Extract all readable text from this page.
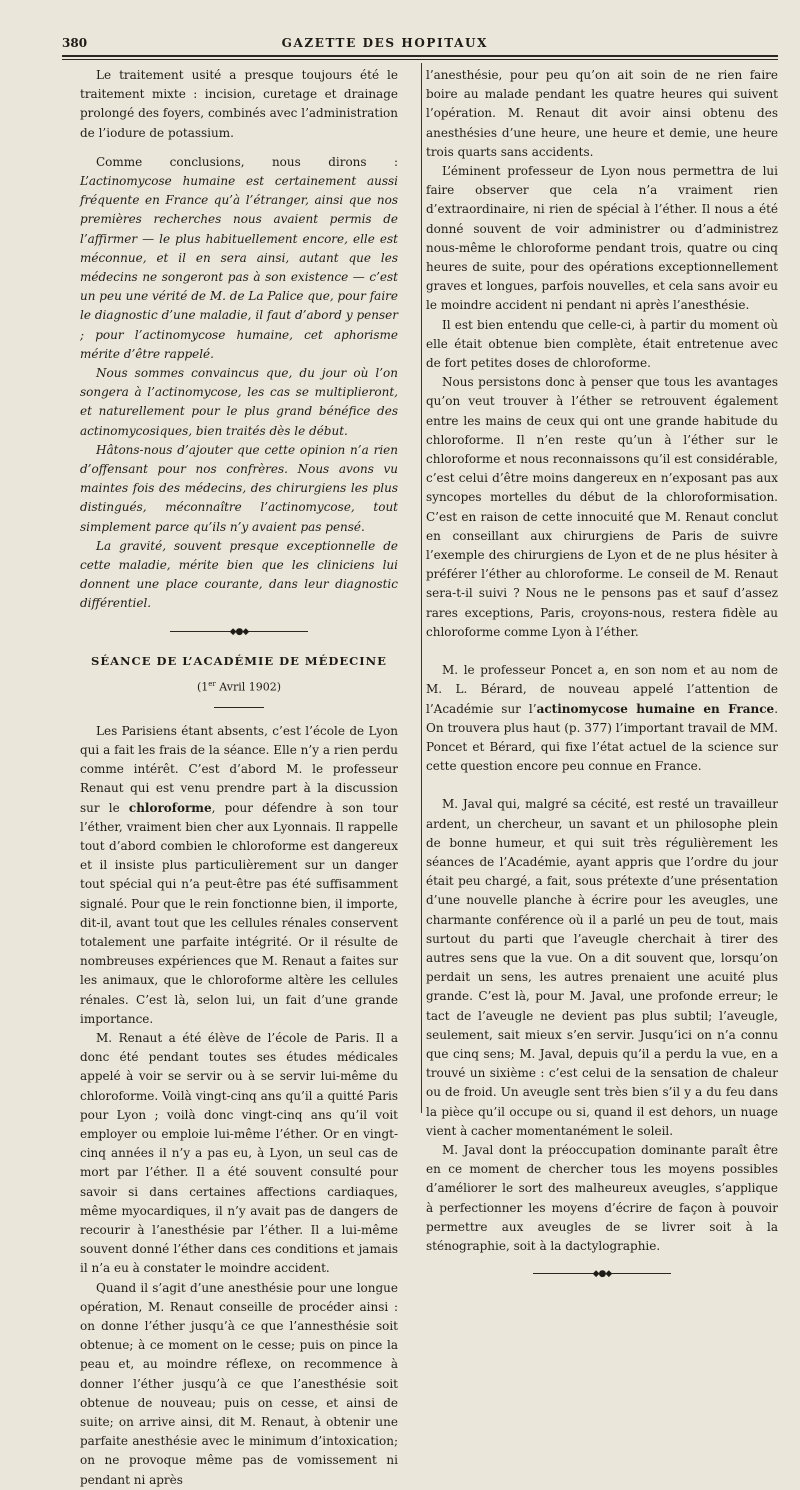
380	GAZETTE DES HOPITAUX

Le traitement usité a presque toujours été le traitement mixte : incision, curetage et drainage prolongé des foyers, combinés avec l’administration de l’iodure de potassium.

Comme conclusions, nous dirons : L’actinomycose humaine est certainement aussi fréquente en France qu’à l’étranger, ainsi que nos premières recherches nous avaient permis de l’affirmer — le plus habituellement encore, elle est méconnue, et il en sera ainsi, autant que les médecins ne songeront pas à son existence — c’est un peu une vérité de M. de La Palice que, pour faire le diagnostic d’une maladie, il faut d’abord y penser ; pour l’actinomycose humaine, cet aphorisme mérite d’être rappelé.

Nous sommes convaincus que, du jour où l’on songera à l’actinomycose, les cas se multiplieront, et naturellement pour le plus grand bénéfice des actinomycosiques, bien traités dès le début.

Hâtons-nous d’ajouter que cette opinion n’a rien d’offensant pour nos confrères. Nous avons vu maintes fois des médecins, des chirurgiens les plus distingués, méconnaître l’actinomycose, tout simplement parce qu’ils n’y avaient pas pensé.

La gravité, souvent presque exceptionnelle de cette maladie, mérite bien que les cliniciens lui donnent une place courante, dans leur diagnostic différentiel.

◆●◆
SÉANCE DE L’ACADÉMIE DE MÉDECINE
(1er Avril 1902)

Les Parisiens étant absents, c’est l’école de Lyon qui a fait les frais de la séance. Elle n’y a rien perdu comme intérêt. C’est d’abord M. le professeur Renaut qui est venu prendre part à la discussion sur le chloroforme, pour défendre à son tour l’éther, vraiment bien cher aux Lyonnais. Il rappelle tout d’abord combien le chloroforme est dangereux et il insiste plus particulièrement sur un danger tout spécial qui n’a peut-être pas été suffisamment signalé. Pour que le rein fonctionne bien, il importe, dit-il, avant tout que les cellules rénales conservent totalement une parfaite intégrité. Or il résulte de nombreuses expériences que M. Renaut a faites sur les animaux, que le chloroforme altère les cellules rénales. C’est là, selon lui, un fait d’une grande importance.

M. Renaut a été élève de l’école de Paris. Il a donc été pendant toutes ses études médicales appelé à voir se servir ou à se servir lui-même du chloroforme. Voilà vingt-cinq ans qu’il a quitté Paris pour Lyon ; voilà donc vingt-cinq ans qu’il voit employer ou emploie lui-même l’éther. Or en vingt-cinq années il n’y a pas eu, à Lyon, un seul cas de mort par l’éther. Il a été souvent consulté pour savoir si dans certaines affections cardiaques, même myocardiques, il n’y avait pas de dangers de recourir à l’anesthésie par l’éther. Il a lui-même souvent donné l’éther dans ces conditions et jamais il n’a eu à constater le moindre accident.

Quand il s’agit d’une anesthésie pour une longue opération, M. Renaut conseille de procéder ainsi : on donne l’éther jusqu’à ce que l’annesthésie soit obtenue; à ce moment on le cesse; puis on pince la peau et, au moindre réflexe, on recommence à donner l’éther jusqu’à ce que l’anesthésie soit obtenue de nouveau; puis on cesse, et ainsi de suite; on arrive ainsi, dit M. Renaut, à obtenir une parfaite anesthésie avec le minimum d’intoxication; on ne provoque même pas de vomissement ni pendant ni après

l’anesthésie, pour peu qu’on ait soin de ne rien faire boire au malade pendant les quatre heures qui suivent l’opération. M. Renaut dit avoir ainsi obtenu des anesthésies d’une heure, une heure et demie, une heure trois quarts sans accidents.

L’éminent professeur de Lyon nous permettra de lui faire observer que cela n’a vraiment rien d’extraordinaire, ni rien de spécial à l’éther. Il nous a été donné souvent de voir administrer ou d’administrez nous-même le chloroforme pendant trois, quatre ou cinq heures de suite, pour des opérations exceptionnellement graves et longues, parfois nouvelles, et cela sans avoir eu le moindre accident ni pendant ni après l’anesthésie.

Il est bien entendu que celle-ci, à partir du moment où elle était obtenue bien complète, était entretenue avec de fort petites doses de chloroforme.

Nous persistons donc à penser que tous les avantages qu’on veut trouver à l’éther se retrouvent également entre les mains de ceux qui ont une grande habitude du chloroforme. Il n’en reste qu’un à l’éther sur le chloroforme et nous reconnaissons qu’il est considérable, c’est celui d’être moins dangereux en n’exposant pas aux syncopes mortelles du début de la chloroformisation. C’est en raison de cette innocuité que M. Renaut conclut en conseillant aux chirurgiens de Paris de suivre l’exemple des chirurgiens de Lyon et de ne plus hésiter à préférer l’éther au chloroforme. Le conseil de M. Renaut sera-t-il suivi ? Nous ne le pensons pas et sauf d’assez rares exceptions, Paris, croyons-nous, restera fidèle au chloroforme comme Lyon à l’éther.

M. le professeur Poncet a, en son nom et au nom de M. L. Bérard, de nouveau appelé l’attention de l’Académie sur l’actinomycose humaine en France. On trouvera plus haut (p. 377) l’important travail de MM. Poncet et Bérard, qui fixe l’état actuel de la science sur cette question encore peu connue en France.

M. Javal qui, malgré sa cécité, est resté un travailleur ardent, un chercheur, un savant et un philosophe plein de bonne humeur, et qui suit très régulièrement les séances de l’Académie, ayant appris que l’ordre du jour était peu chargé, a fait, sous prétexte d’une présentation d’une nouvelle planche à écrire pour les aveugles, une charmante conférence où il a parlé un peu de tout, mais surtout du parti que l’aveugle cherchait à tirer des autres sens que la vue. On a dit souvent que, lorsqu’on perdait un sens, les autres prenaient une acuité plus grande. C’est là, pour M. Javal, une profonde erreur; le tact de l’aveugle ne devient pas plus subtil; l’aveugle, seulement, sait mieux s’en servir. Jusqu’ici on n’a connu que cinq sens; M. Javal, depuis qu’il a perdu la vue, en a trouvé un sixième : c’est celui de la sensation de chaleur ou de froid. Un aveugle sent très bien s’il y a du feu dans la pièce qu’il occupe ou si, quand il est dehors, un nuage vient à cacher momentanément le soleil.

M. Javal dont la préoccupation dominante paraît être en ce moment de chercher tous les moyens possibles d’améliorer le sort des malheureux aveugles, s’applique à perfectionner les moyens d’écrire de façon à pouvoir permettre aux aveugles de se livrer soit à la sténographie, soit à la dactylographie.

◆●◆
